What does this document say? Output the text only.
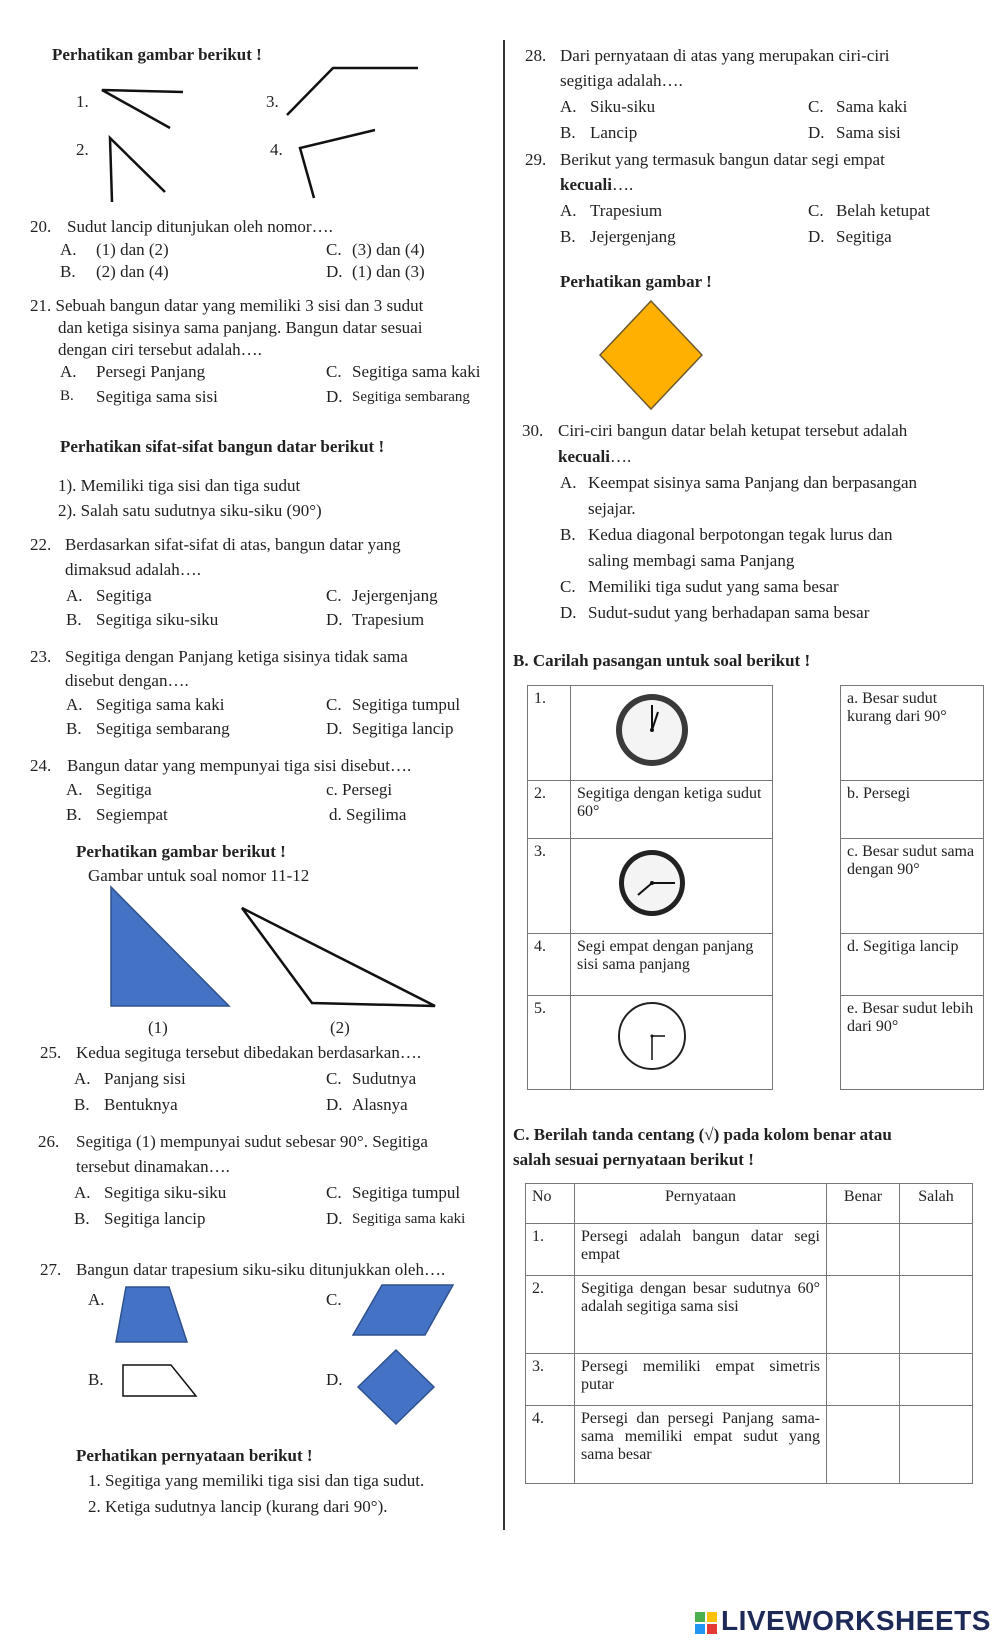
Perhatikan gambar berikut !
1.
2.
3.
4.
20. Sudut lancip ditunjukan oleh nomor….
A. (1) dan (2)	C. (3) dan (4)
B. (2) dan (4)	D. (1) dan (3)
21. Sebuah bangun datar yang memiliki 3 sisi dan 3 sudut
dan ketiga sisinya sama panjang. Bangun datar sesuai
dengan ciri tersebut adalah….
A. Persegi Panjang	C. Segitiga sama kaki
B. Segitiga sama sisi	D. Segitiga sembarang
Perhatikan sifat-sifat bangun datar berikut !
1). Memiliki tiga sisi dan tiga sudut
2). Salah satu sudutnya siku-siku (90°)
22. Berdasarkan sifat-sifat di atas, bangun datar yang
dimaksud adalah….
A. Segitiga	C. Jejergenjang
B. Segitiga siku-siku	D. Trapesium
23. Segitiga dengan Panjang ketiga sisinya tidak sama
disebut dengan….
A. Segitiga sama kaki	C. Segitiga tumpul
B. Segitiga sembarang	D. Segitiga lancip
24. Bangun datar yang mempunyai tiga sisi disebut….
A. Segitiga	c. Persegi
B. Segiempat	d. Segilima
Perhatikan gambar berikut !
Gambar untuk soal nomor 11-12
(1)	(2)
25. Kedua segituga tersebut dibedakan berdasarkan….
A. Panjang sisi	C. Sudutnya
B. Bentuknya	D. Alasnya
26. Segitiga (1) mempunyai sudut sebesar 90°. Segitiga
tersebut dinamakan….
A. Segitiga siku-siku	C. Segitiga tumpul
B. Segitiga lancip	D. Segitiga sama kaki
27. Bangun datar trapesium siku-siku ditunjukkan oleh….
A.
B.
C.
D.
Perhatikan pernyataan berikut !
1. Segitiga yang memiliki tiga sisi dan tiga sudut.
2. Ketiga sudutnya lancip (kurang dari 90°).
28. Dari pernyataan di atas yang merupakan ciri-ciri
segitiga adalah….
A. Siku-siku	C. Sama kaki
B. Lancip	D. Sama sisi
29. Berikut yang termasuk bangun datar segi empat
kecuali….
A. Trapesium	C. Belah ketupat
B. Jejergenjang	D. Segitiga
Perhatikan gambar !
30. Ciri-ciri bangun datar belah ketupat tersebut adalah
kecuali….
A. Keempat sisinya sama Panjang dan berpasangan
sejajar.
B. Kedua diagonal berpotongan tegak lurus dan
saling membagi sama Panjang
C. Memiliki tiga sudut yang sama besar
D. Sudut-sudut yang berhadapan sama besar
B. Carilah pasangan untuk soal berikut !
1.	
2.	Segitiga dengan ketiga sudut 60°
3.	
4.	Segi empat dengan panjang sisi sama panjang
5.	
a. Besar sudut kurang dari 90°
b. Persegi
c. Besar sudut sama dengan 90°
d. Segitiga lancip
e. Besar sudut lebih dari 90°
C. Berilah tanda centang (√) pada kolom benar atau
salah sesuai pernyataan berikut !
No	Pernyataan	Benar	Salah
1.	Persegi adalah bangun datar segi empat		
2.	Segitiga dengan besar sudutnya 60° adalah segitiga sama sisi		
3.	Persegi memiliki empat simetris putar		
4.	Persegi dan persegi Panjang sama-sama memiliki empat sudut yang sama besar		
LIVEWORKSHEETS
